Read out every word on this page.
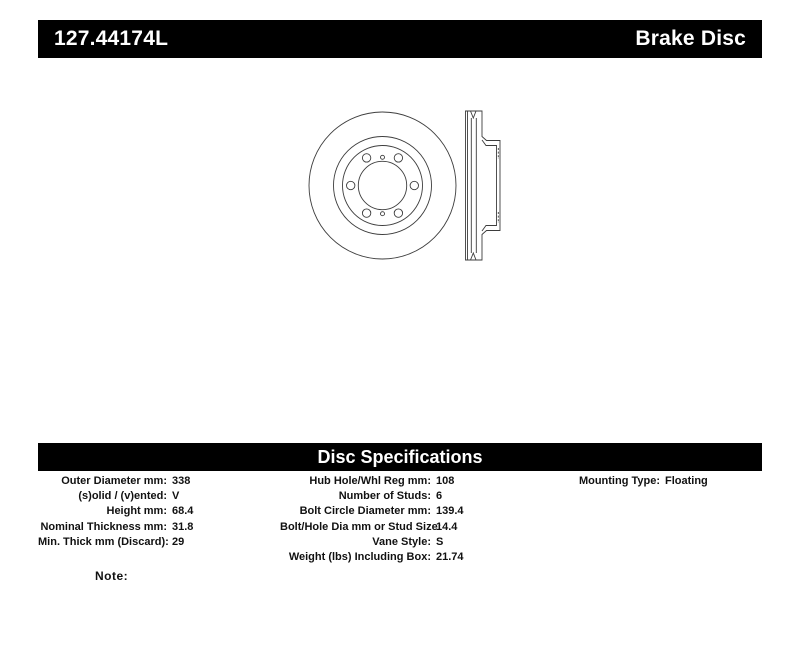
127.44174L	Brake Disc
Disc Specifications
Outer Diameter mm: 338
(s)olid / (v)ented: V
Height mm: 68.4
Nominal Thickness mm: 31.8
Min. Thick mm (Discard): 29
Hub Hole/Whl Reg mm: 108
Number of Studs: 6
Bolt Circle Diameter mm: 139.4
Bolt/Hole Dia mm or Stud Size:
14.4
Vane Style: S
Weight (lbs) Including Box: 21.74
Mounting Type: Floating
Note:
